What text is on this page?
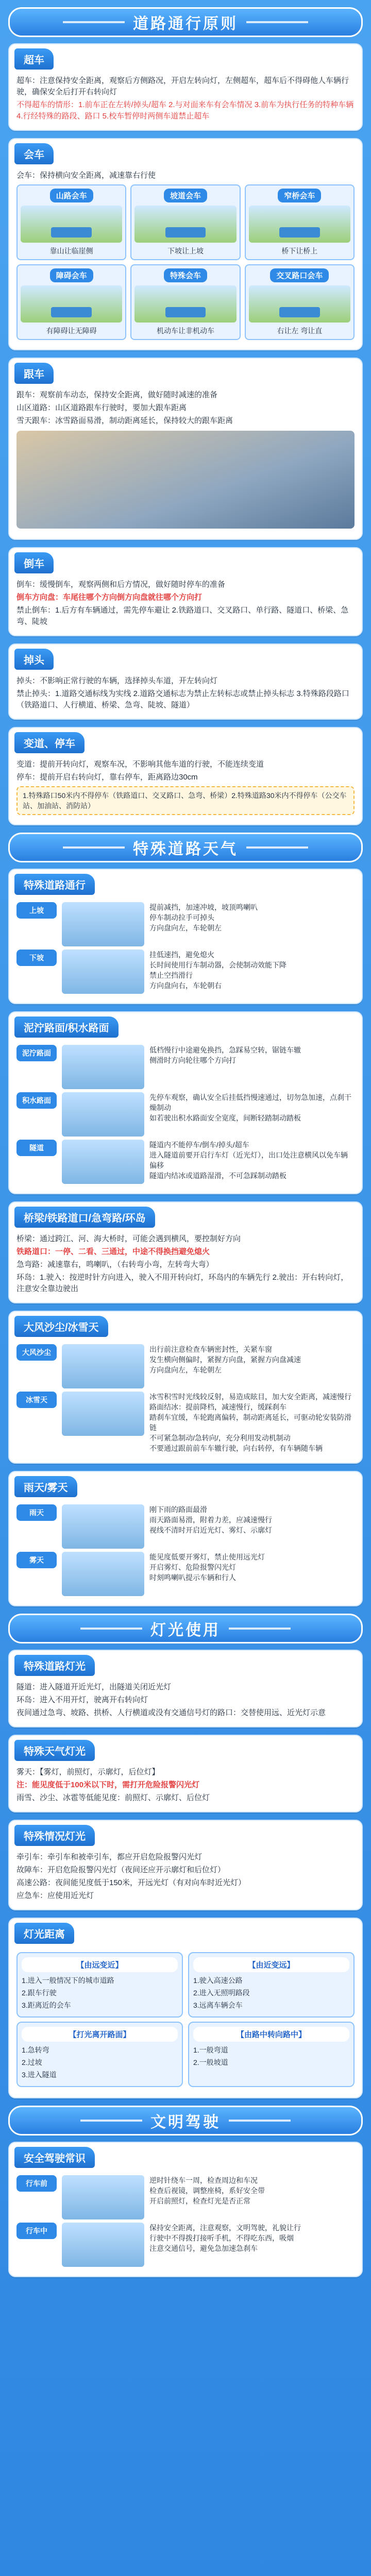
道路通行原则
超车
超车：注意保持安全距离，观察后方侧路况，开启左转向灯，左侧超车，超车后不得碍他人车辆行驶，确保安全后打开右转向灯
不得超车的情形：1.前车正在左转/掉头/超车 2.与对面来车有会车情况 3.前车为执行任务的特种车辆 4.行经特殊的路段、路口 5.校车暂停时两侧车道禁止超车
会车
会车：保持横向安全距离，减速靠右行使
山路会车
靠山让临崖侧
坡道会车
下坡让上坡
窄桥会车
桥下让桥上
障碍会车
有障碍让无障碍
特殊会车
机动车让非机动车
交叉路口会车
右让左 弯让直
跟车
跟车：观察前车动态，保持安全距离，做好随时减速的准备
山区道路：山区道路跟车行驶时，要加大跟车距离
雪天跟车：冰雪路面易滑，制动距离延长，保持较大的跟车距离
倒车
倒车：缓慢倒车，观察两侧和后方情况，做好随时停车的准备
倒车方向盘：车尾往哪个方向倒方向盘就往哪个方向打
禁止倒车：1.后方有车辆通过，需先停车避让 2.铁路道口、交叉路口、单行路、隧道口、桥梁、急弯、陡坡
掉头
掉头：不影响正常行驶的车辆，选择掉头车道，开左转向灯
禁止掉头：1.道路交通标线为实线 2.道路交通标志为禁止左转标志或禁止掉头标志 3.特殊路段路口（铁路道口、人行横道、桥梁、急弯、陡坡、隧道）
变道、停车
变道：提前开转向灯，观察车况，不影响其他车道的行驶，不能连续变道
停车：提前开启右转向灯，靠右停车，距离路边30cm
1.特殊路口50米内不得停车（铁路道口、交叉路口、急弯、桥梁）2.特殊道路30米内不得停车（公交车站、加油站、消防站）
特殊道路天气
特殊道路通行
上坡	提前减挡，加速冲坡，坡顶鸣喇叭
停车制动拉手可掉头
方向盘向左，车轮朝左
下坡	挂低速挡，避免熄火
长时间使用行车制动器，会使制动效能下降
禁止空挡滑行
方向盘向右，车轮朝右
泥泞路面/积水路面
泥泞路面	低档慢行中途避免换挡，急踩易空转，锯链车辙
侧滑时方向轮往哪个方向打
积水路面	先停车观察，确认安全后挂低挡慢速通过，切勿急加速，点刹干燥制动
如若驶出积水路面安全宽度，间断轻踏制动踏板
隧道	隧道内不能停车/倒车/掉头/超车
进入隧道前要开启行车灯（近光灯），出口处注意横风以免车辆偏移
隧道内结冰或道路湿滑，不可急踩制动踏板
桥梁/铁路道口/急弯路/环岛
桥梁：通过跨江、河、海大桥时，可能会遇到横风，要控制好方向
铁路道口：一停、二看、三通过，中途不得换挡避免熄火
急弯路：减速靠右，鸣喇叭，（右转弯小弯，左转弯大弯）
环岛：1.驶入：按逆时针方向进入，驶入不用开转向灯，环岛内的车辆先行 2.驶出：开右转向灯，注意安全靠边驶出
大风沙尘/冰雪天
大风沙尘	出行前注意检查车辆密封性，关紧车窗
发生横向侧偏时，紧握方向盘，紧握方向盘减速
方向盘向左，车轮朝左
冰雪天	冰雪积雪时光线较反射，易造成眩目，加大安全距离，减速慢行
路面结冰：提前降档，减速慢行，缓踩刹车
踏刹车宜缓，车轮跑离偏转，制动距离延长，可驱动轮安装防滑链
不可紧急制动/急转向/，充分利用发动机制动
不要通过跟前前车车辙行驶，向右转停，有车辆随车辆
雨天/雾天
雨天	刚下雨的路面最滑
雨天路面易滑，附着力差，应减速慢行
视线不清时开启近光灯、雾灯、示廓灯
雾天	能见度低要开雾灯，禁止使用远光灯
开启雾灯、危险报警闪光灯
时刻鸣喇叭提示车辆和行人
灯光使用
特殊道路灯光
隧道：进入隧道开近光灯，出隧道关闭近光灯
环岛：进入不用开灯，驶离开右转向灯
夜间通过急弯、坡路、拱桥、人行横道或没有交通信号灯的路口：交替使用远、近光灯示意
特殊天气灯光
雾天：【雾灯，前照灯，示廓灯，后位灯】
注：能见度低于100米以下时，需打开危险报警闪光灯
雨雪、沙尘、冰雹等低能见度：前照灯、示廓灯、后位灯
特殊情况灯光
牵引车：牵引车和被牵引车，都应开启危险报警闪光灯
故障车：开启危险报警闪光灯（夜间还应开示廓灯和后位灯）
高速公路：夜间能见度低于150米，开远光灯（有对向车时近光灯）
应急车：应使用近光灯
灯光距离
【由远变近】
1.进入一般情况下的城市道路
2.跟车行驶
3.距离近的会车
【由近变远】
1.驶入高速公路
2.进入无照明路段
3.远离车辆会车
【打光离开路面】
1.急转弯
2.过坡
3.进入隧道
【由路中转向路中】
1.一般弯道
2.一般坡道
文明驾驶
安全驾驶常识
行车前	逆时针绕车一周，检查周边和车况
检查后视镜，调整座椅，系好安全带
开启前照灯，检查灯光是否正常
行车中	保持安全距离，注意观察，文明驾驶，礼貌让行
行驶中不得拨打接听手机，不得吃东西，吸烟
注意交通信号，避免急加速急刹车
